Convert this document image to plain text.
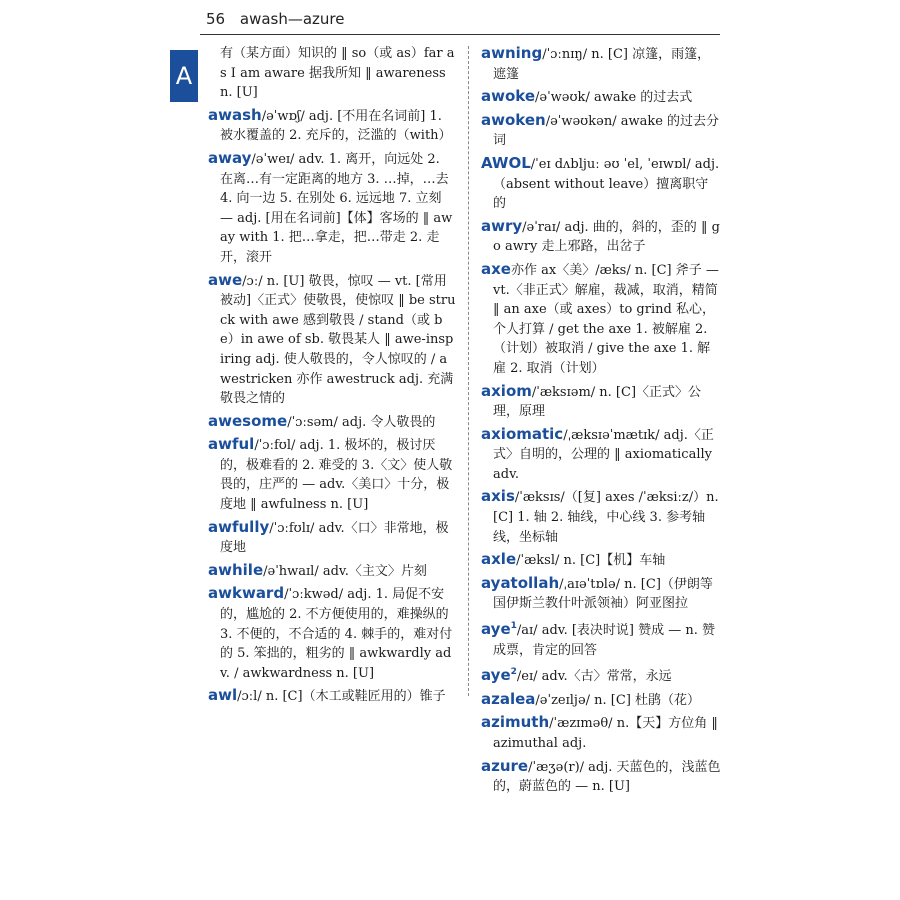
56 awash—azure
A

有（某方面）知识的 ‖ so（或 as）far as I am aware 据我所知 ‖ awareness n. [U]

awash/əˈwɒʃ/ adj. [不用在名词前] 1. 被水覆盖的 2. 充斥的，泛滥的（with）

away/əˈweɪ/ adv. 1. 离开，向远处 2. 在离…有一定距离的地方 3. …掉，…去 4. 向一边 5. 在别处 6. 远远地 7. 立刻 — adj. [用在名词前]【体】客场的 ‖ away with 1. 把…拿走，把…带走 2. 走开，滚开

awe/ɔː/ n. [U] 敬畏，惊叹 — vt. [常用被动]〈正式〉使敬畏，使惊叹 ‖ be struck with awe 感到敬畏 / stand（或 be）in awe of sb. 敬畏某人 ‖ awe-inspiring adj. 使人敬畏的，令人惊叹的 / awestricken 亦作 awestruck adj. 充满敬畏之情的

awesome/ˈɔːsəm/ adj. 令人敬畏的

awful/ˈɔːfʊl/ adj. 1. 极坏的，极讨厌的，极难看的 2. 难受的 3.〈文〉使人敬畏的，庄严的 — adv.〈美口〉十分，极度地 ‖ awfulness n. [U]

awfully/ˈɔːfʊlɪ/ adv.〈口〉非常地，极度地

awhile/əˈhwaɪl/ adv.〈主文〉片刻

awkward/ˈɔːkwəd/ adj. 1. 局促不安的，尴尬的 2. 不方便使用的，难操纵的 3. 不便的，不合适的 4. 棘手的，难对付的 5. 笨拙的，粗劣的 ‖ awkwardly adv. / awkwardness n. [U]

awl/ɔːl/ n. [C]（木工或鞋匠用的）锥子

awning/ˈɔːnɪŋ/ n. [C] 凉篷，雨篷，遮篷

awoke/əˈwəʊk/ awake 的过去式

awoken/əˈwəʊkən/ awake 的过去分词

AWOL/ˈeɪ dʌbljuː əʊ ˈel, ˈeɪwɒl/ adj.（absent without leave）擅离职守的

awry/əˈraɪ/ adj. 曲的，斜的，歪的 ‖ go awry 走上邪路，出岔子

axe亦作 ax〈美〉/æks/ n. [C] 斧子 — vt.〈非正式〉解雇，裁减，取消，精简 ‖ an axe（或 axes）to grind 私心，个人打算 / get the axe 1. 被解雇 2.（计划）被取消 / give the axe 1. 解雇 2. 取消（计划）

axiom/ˈæksɪəm/ n. [C]〈正式〉公理，原理

axiomatic/ˌæksɪəˈmætɪk/ adj.〈正式〉自明的，公理的 ‖ axiomatically adv.

axis/ˈæksɪs/（[复] axes /ˈæksiːz/）n. [C] 1. 轴 2. 轴线，中心线 3. 参考轴线，坐标轴

axle/ˈæksl/ n. [C]【机】车轴

ayatollah/ˌaɪəˈtɒlə/ n. [C]（伊朗等国伊斯兰教什叶派领袖）阿亚图拉

aye$^1$/aɪ/ adv. [表决时说] 赞成 — n. 赞成票，肯定的回答

aye$^2$/eɪ/ adv.〈古〉常常，永远

azalea/əˈzeɪljə/ n. [C] 杜鹃（花）

azimuth/ˈæzɪməθ/ n.【天】方位角 ‖ azimuthal adj.

azure/ˈæʒə(r)/ adj. 天蓝色的，浅蓝色的，蔚蓝色的 — n. [U]
